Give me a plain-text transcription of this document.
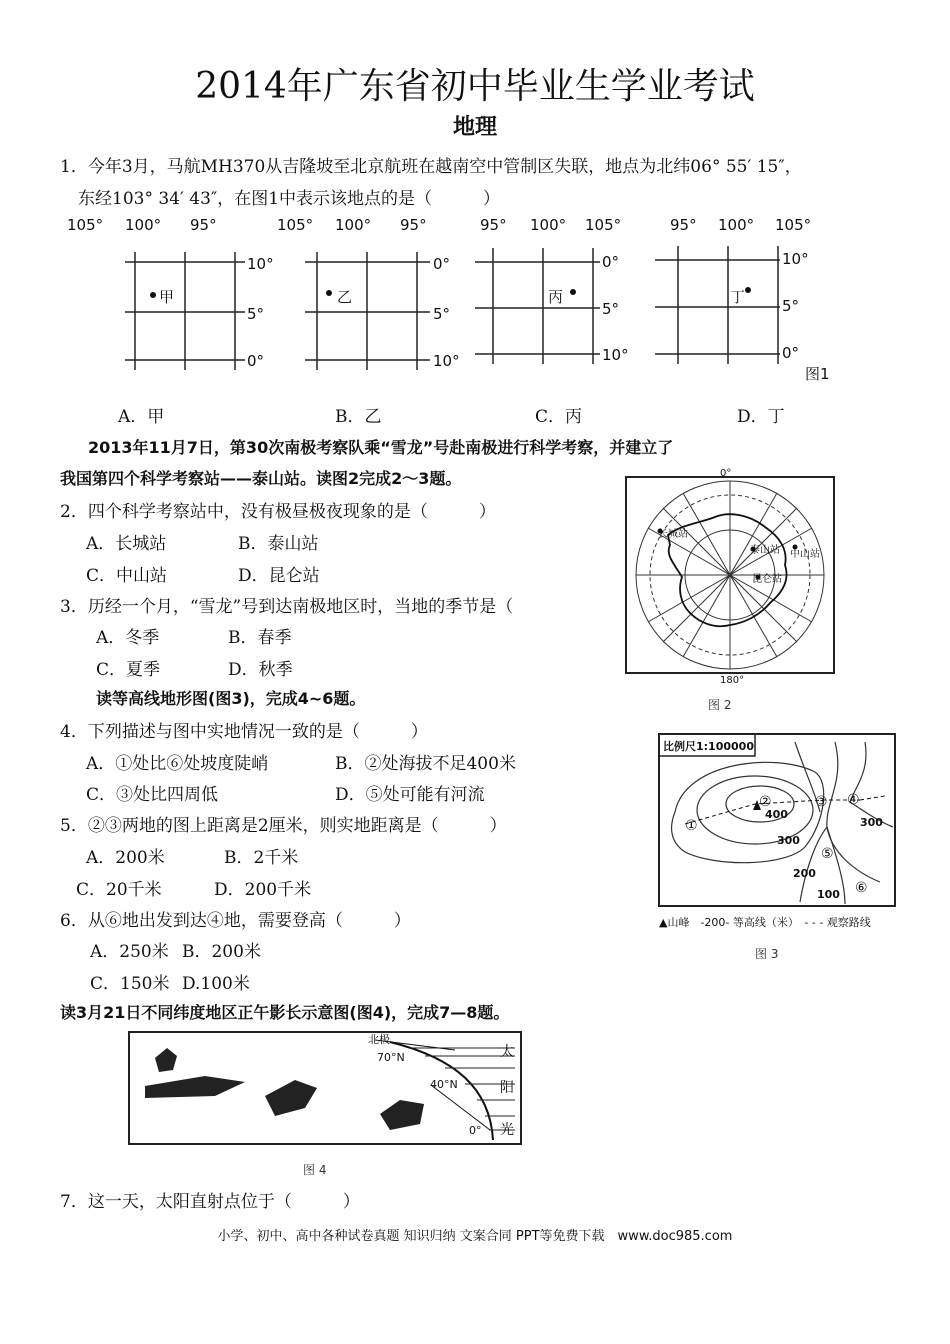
2014年广东省初中毕业生学业考试
地理
1．今年3月，马航MH370从吉隆坡至北京航班在越南空中管制区失联，地点为北纬06° 55′ 15″，
东经103° 34′ 43″，在图1中表示该地点的是（　　　）
105° 100° 95°
10°
5°
0°
甲
105° 100° 95°
0°
5°
10°
乙
95° 100° 105°
0°
5°
10°
丙
95° 100° 105°
10°
5°
0°
丁
图1
A．甲	B．乙	C．丙	D．丁
2013年11月7日，第30次南极考察队乘“雪龙”号赴南极进行科学考察，并建立了
我国第四个科学考察站——泰山站。读图2完成2～3题。
2．四个科学考察站中，没有极昼极夜现象的是（　　　）
A．长城站	B．泰山站
C．中山站	D．昆仑站
3．历经一个月，“雪龙”号到达南极地区时，当地的季节是（
A．冬季	B．春季
C．夏季	D．秋季
0°
180°
长城站
泰山站 中山站
昆仑站
图 2
读等高线地形图(图3)，完成4~6题。
4．下列描述与图中实地情况一致的是（　　　）
A．①处比⑥处坡度陡峭	B．②处海拔不足400米
C．③处比四周低	D．⑤处可能有河流
5．②③两地的图上距离是2厘米，则实地距离是（　　　）
A．200米	B．2千米
C．20千米	D．200千米
6．从⑥地出发到达④地，需要登高（　　　）
A．250米 B．200米
C．150米 D.100米
比例尺1:100000
①
②	③ ④
⑤
⑥
400
300
300
200
100
▲山峰　-200- 等高线（米）　- - - 观察路线
图 3
读3月21日不同纬度地区正午影长示意图(图4)，完成7—8题。
北极
70°N
40°N
0°
太
阳
光
图 4
7．这一天，太阳直射点位于（　　　）
小学、初中、高中各种试卷真题 知识归纳 文案合同 PPT等免费下载　www.doc985.com
